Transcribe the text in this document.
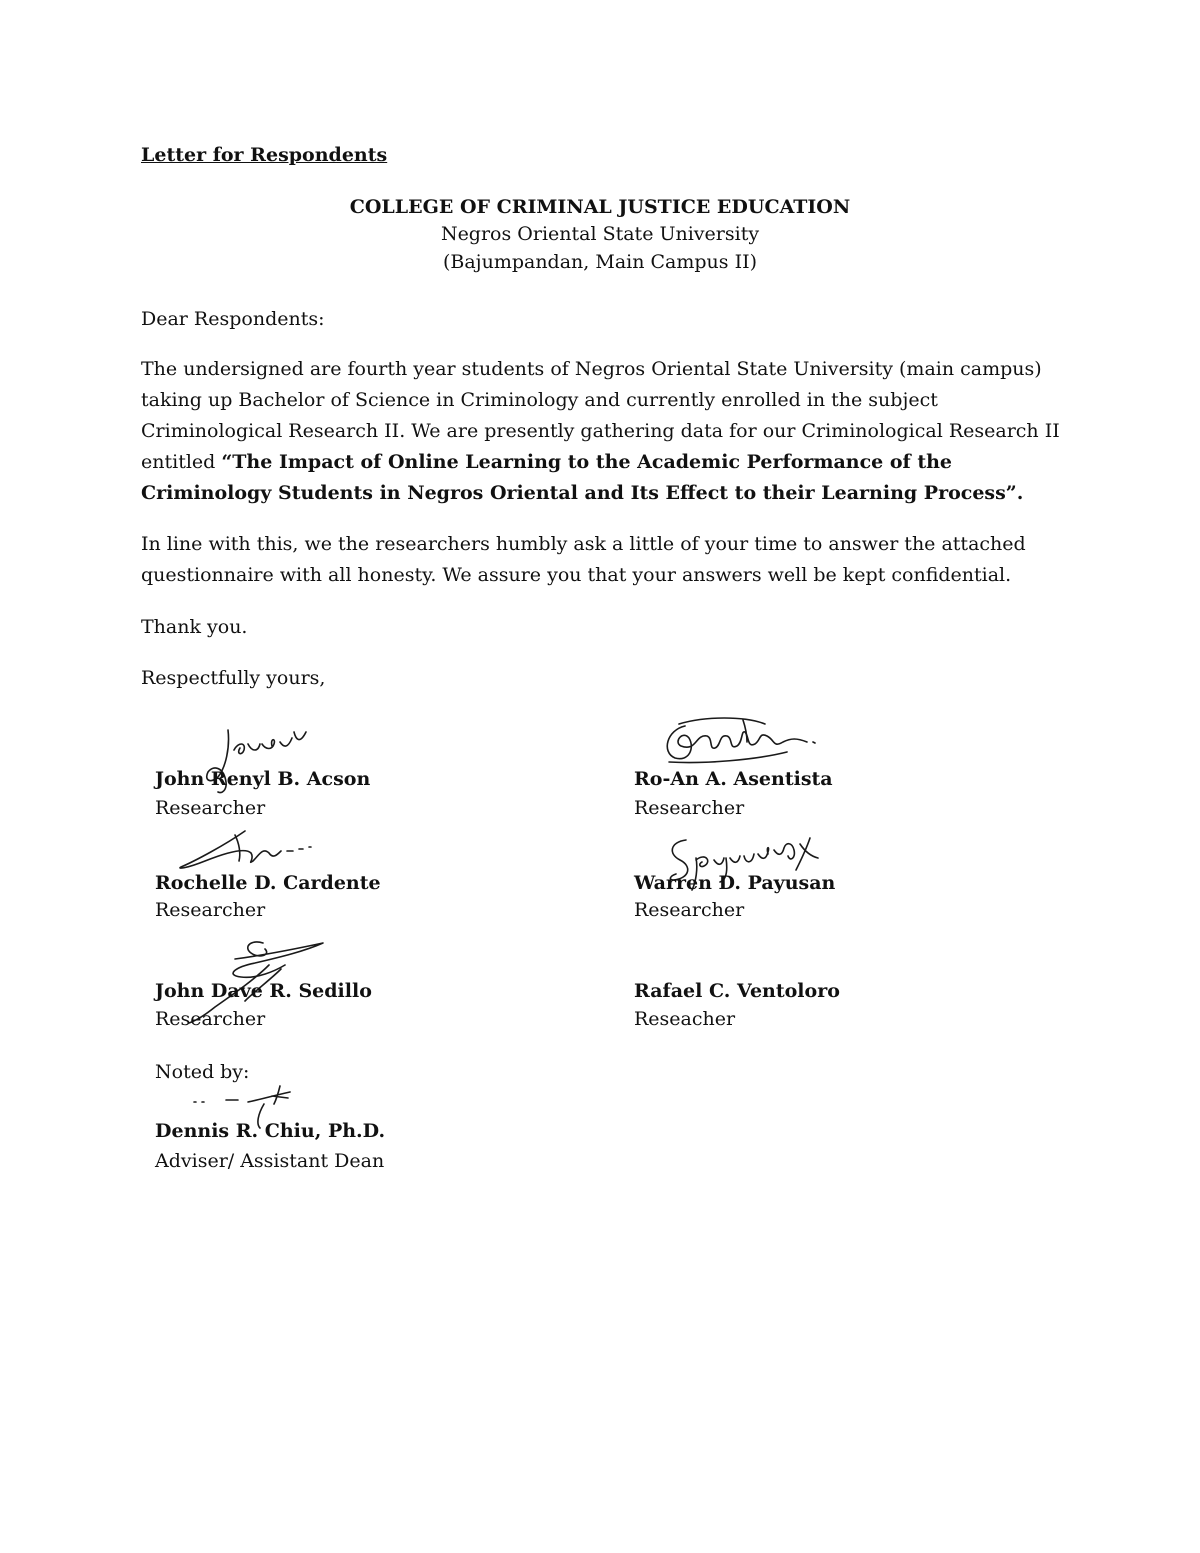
Letter for Respondents
COLLEGE OF CRIMINAL JUSTICE EDUCATION
Negros Oriental State University
(Bajumpandan, Main Campus II)
Dear Respondents:
The undersigned are fourth year students of Negros Oriental State University (main campus) taking up Bachelor of Science in Criminology and currently enrolled in the subject Criminological Research II. We are presently gathering data for our Criminological Research II entitled “The Impact of Online Learning to the Academic Performance of the Criminology Students in Negros Oriental and Its Effect to their Learning Process”.
In line with this, we the researchers humbly ask a little of your time to answer the attached questionnaire with all honesty. We assure you that your answers well be kept confidential.
Thank you.
Respectfully yours,
John Renyl B. Acson
Researcher
Ro-An A. Asentista
Researcher
Rochelle D. Cardente
Researcher
Warren D. Payusan
Researcher
John Dave R. Sedillo
Researcher
Rafael C. Ventoloro
Reseacher
Noted by:
Dennis R. Chiu, Ph.D.
Adviser/ Assistant Dean
